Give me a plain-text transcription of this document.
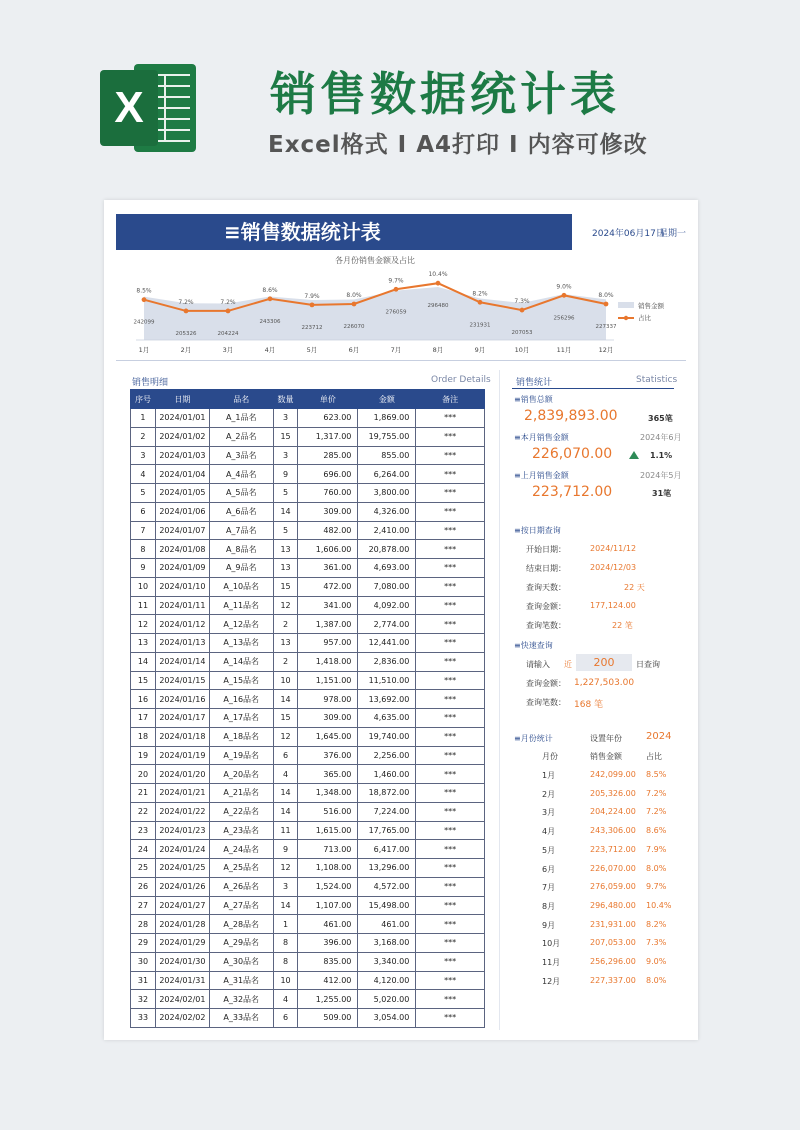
X	销售数据统计表
Excel格式 I A4打印 I 内容可修改
≡销售数据统计表	2024年06月17日
星期一
各月份销售金额及占比
8.5%
242099
1月
7.2%
205326
2月
7.2%
204224
3月
8.6%
243306
4月
7.9%
223712
5月
8.0%
226070
6月
9.7%
276059
7月
10.4%
296480
8月
8.2%
231931
9月
7.3%
207053
10月
9.0%
256296
11月
8.0%
227337
12月
销售金额
占比
销售明细	Order Details
序号	日期	品名	数量	单价	金额	备注
1	2024/01/01	A_1品名	3	623.00	1,869.00	***
2	2024/01/02	A_2品名	15	1,317.00	19,755.00	***
3	2024/01/03	A_3品名	3	285.00	855.00	***
4	2024/01/04	A_4品名	9	696.00	6,264.00	***
5	2024/01/05	A_5品名	5	760.00	3,800.00	***
6	2024/01/06	A_6品名	14	309.00	4,326.00	***
7	2024/01/07	A_7品名	5	482.00	2,410.00	***
8	2024/01/08	A_8品名	13	1,606.00	20,878.00	***
9	2024/01/09	A_9品名	13	361.00	4,693.00	***
10	2024/01/10	A_10品名	15	472.00	7,080.00	***
11	2024/01/11	A_11品名	12	341.00	4,092.00	***
12	2024/01/12	A_12品名	2	1,387.00	2,774.00	***
13	2024/01/13	A_13品名	13	957.00	12,441.00	***
14	2024/01/14	A_14品名	2	1,418.00	2,836.00	***
15	2024/01/15	A_15品名	10	1,151.00	11,510.00	***
16	2024/01/16	A_16品名	14	978.00	13,692.00	***
17	2024/01/17	A_17品名	15	309.00	4,635.00	***
18	2024/01/18	A_18品名	12	1,645.00	19,740.00	***
19	2024/01/19	A_19品名	6	376.00	2,256.00	***
20	2024/01/20	A_20品名	4	365.00	1,460.00	***
21	2024/01/21	A_21品名	14	1,348.00	18,872.00	***
22	2024/01/22	A_22品名	14	516.00	7,224.00	***
23	2024/01/23	A_23品名	11	1,615.00	17,765.00	***
24	2024/01/24	A_24品名	9	713.00	6,417.00	***
25	2024/01/25	A_25品名	12	1,108.00	13,296.00	***
26	2024/01/26	A_26品名	3	1,524.00	4,572.00	***
27	2024/01/27	A_27品名	14	1,107.00	15,498.00	***
28	2024/01/28	A_28品名	1	461.00	461.00	***
29	2024/01/29	A_29品名	8	396.00	3,168.00	***
30	2024/01/30	A_30品名	8	835.00	3,340.00	***
31	2024/01/31	A_31品名	10	412.00	4,120.00	***
32	2024/02/01	A_32品名	4	1,255.00	5,020.00	***
33	2024/02/02	A_33品名	6	509.00	3,054.00	***
销售统计	Statistics
≡销售总额
2,839,893.00	365笔
≡本月销售金额	2024年6月
226,070.00	1.1%
≡上月销售金额	2024年5月
223,712.00	31笔
≡按日期查询
开始日期：	2024/11/12
结束日期：	2024/12/03
查询天数：	22 天
查询金额：	177,124.00
查询笔数：	22 笔
≡快速查询
请输入 近	200	日查询
查询金额： 1,227,503.00
查询笔数： 168 笔
≡月份统计	设置年份 2024
月份	销售金额	占比
1月	242,099.00 8.5%
2月	205,326.00 7.2%
3月	204,224.00 7.2%
4月	243,306.00 8.6%
5月	223,712.00 7.9%
6月	226,070.00 8.0%
7月	276,059.00 9.7%
8月	296,480.00 10.4%
9月	231,931.00 8.2%
10月	207,053.00 7.3%
11月	256,296.00 9.0%
12月	227,337.00 8.0%
